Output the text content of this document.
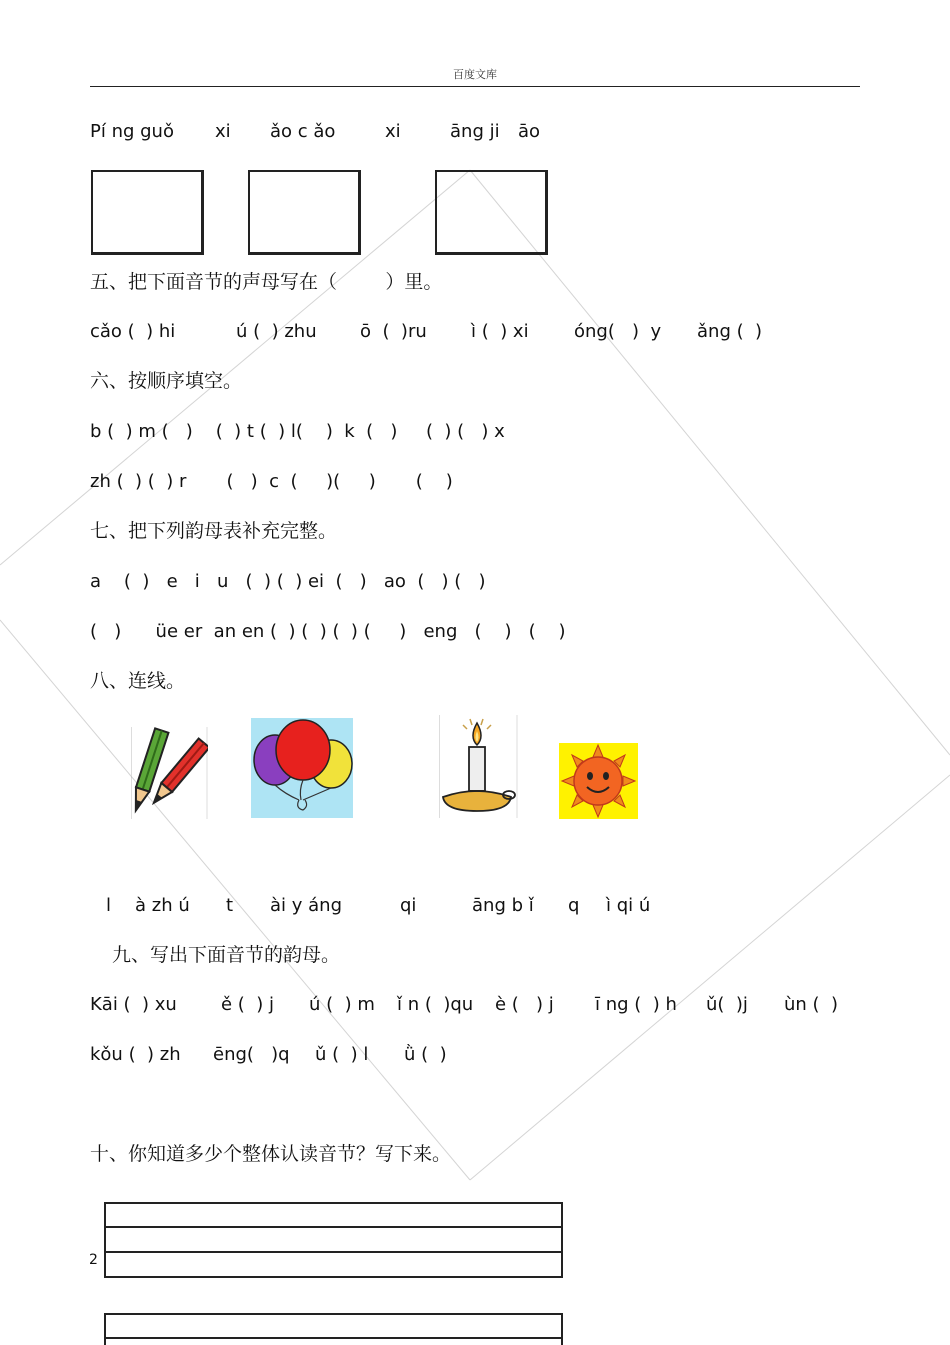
百度文库
Pí ng guǒ xi ǎo c ǎo	xi	āng ji āo
五、把下面音节的声母写在（        ）里。
cǎo (  ) hi	ú (  ) zhu ō  (  )ru ì (  ) xi	óng(   )  y ǎng (  )
六、按顺序填空。
b (  ) m (   )    (  ) t (  ) l(    )  k  (   )     (  ) (   ) x
zh (  ) (  ) r       (   )  c  (     )(     )       (    )
七、把下列韵母表补充完整。
a    (  )   e   i   u   (  ) (  ) ei  (   )   ao  (   ) (   )
(   )      üe er  an en (  ) (  ) (  ) (     )   eng   (    )   (    )
八、连线。
l à zh ú t ài y áng	qi	āng b ǐ q ì qi ú
九、写出下面音节的韵母。
Kāi (  ) xu ě (  ) j ú (  ) m ǐ n (  )qu è (   ) j ī ng (  ) h ǔ(  )j ùn (  )
kǒu (  ) zh ēng(   )q ǔ (  ) l ǜ (  )
十、你知道多少个整体认读音节？写下来。
2
